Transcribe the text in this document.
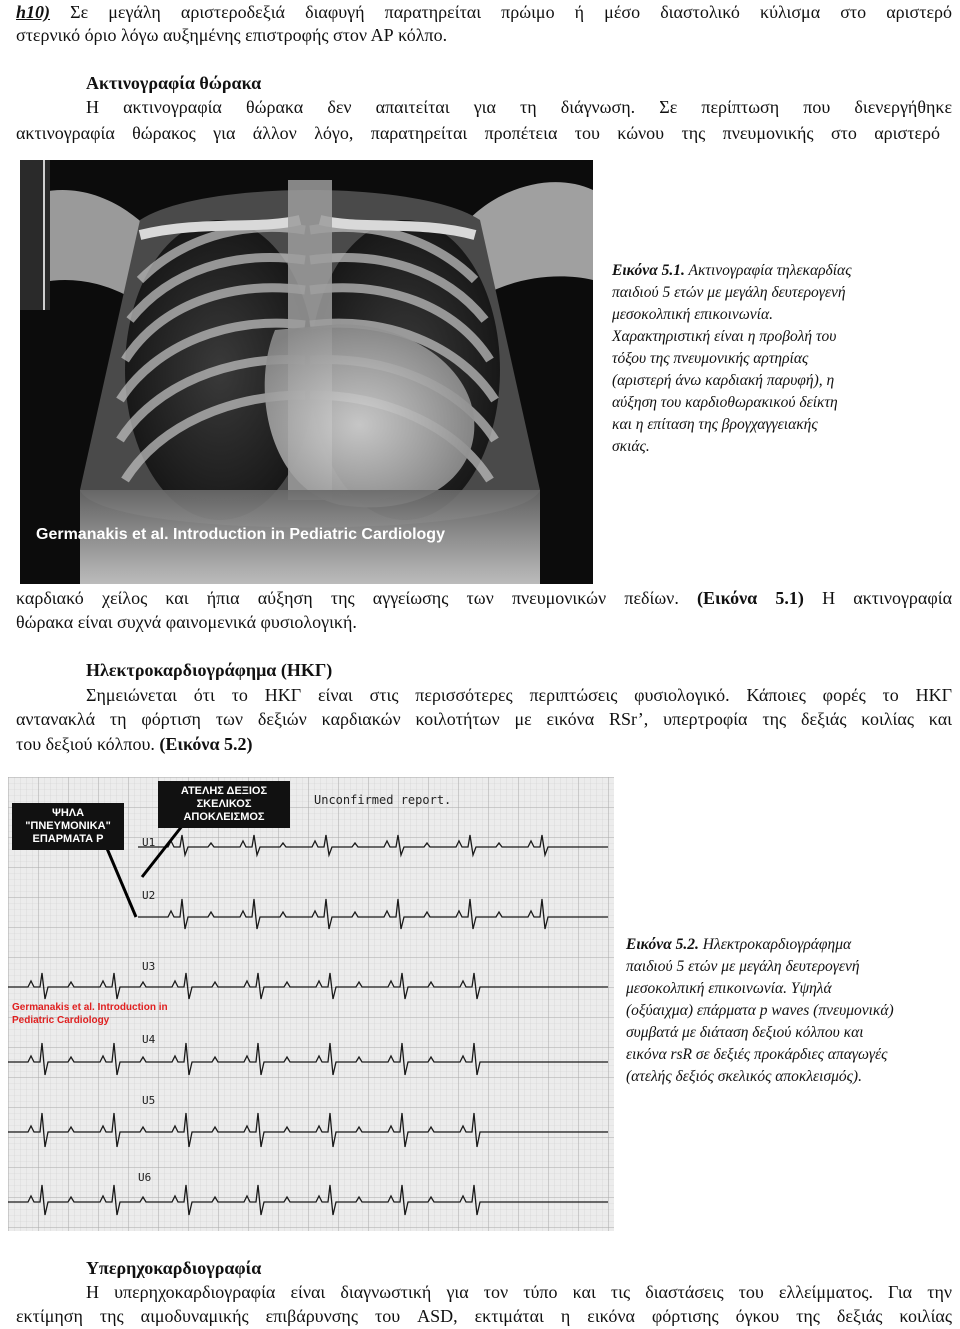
h10) Σε μεγάλη αριστεροδεξιά διαφυγή παρατηρείται πρώιμο ή μέσο διαστολικό κύλισμα στο αριστερό
στερνικό όριο λόγω αυξημένης επιστροφής στον ΑΡ κόλπο.
Ακτινογραφία θώρακα
Η ακτινογραφία θώρακα δεν απαιτείται για τη διάγνωση. Σε περίπτωση που διενεργήθηκε
ακτινογραφία θώρακος για άλλον λόγο, παρατηρείται προπέτεια του κώνου της πνευμονικής στο αριστερό
Germanakis et al. Introduction in Pediatric Cardiology
Εικόνα 5.1. Ακτινογραφία τηλεκαρδίας
παιδιού 5 ετών με μεγάλη δευτερογενή
μεσοκολπική επικοινωνία.
Χαρακτηριστική είναι η προβολή του
τόξου της πνευμονικής αρτηρίας
(αριστερή άνω καρδιακή παρυφή), η
αύξηση του καρδιοθωρακικού δείκτη
και η επίταση της βρογχαγγειακής
σκιάς.
καρδιακό χείλος και ήπια αύξηση της αγγείωσης των πνευμονικών πεδίων. (Εικόνα 5.1) Η ακτινογραφία
θώρακα είναι συχνά φαινομενικά φυσιολογική.
Ηλεκτροκαρδιογράφημα (ΗΚΓ)
Σημειώνεται ότι το ΗΚΓ είναι στις περισσότερες περιπτώσεις φυσιολογικό. Κάποιες φορές το ΗΚΓ
αντανακλά τη φόρτιση των δεξιών καρδιακών κοιλοτήτων με εικόνα RSr’, υπερτροφία της δεξιάς κοιλίας και
του δεξιού κόλπου. (Εικόνα 5.2)
ΨΗΛΑ "ΠΝΕΥΜΟΝΙΚΑ" ΕΠΑΡΜΑΤΑ P
ΑΤΕΛΗΣ ΔΕΞΙΟΣ ΣΚΕΛΙΚΟΣ ΑΠΟΚΛΕΙΣΜΟΣ
Unconfirmed report.
Germanakis et al. Introduction in Pediatric Cardiology
U1
U2
U3
U4
U5
U6
Εικόνα 5.2. Ηλεκτροκαρδιογράφημα
παιδιού 5 ετών με μεγάλη δευτερογενή
μεσοκολπική επικοινωνία. Υψηλά
(οξύαιχμα) επάρματα p waves (πνευμονικά)
συμβατά με διάταση δεξιού κόλπου και
εικόνα rsR σε δεξιές προκάρδιες απαγωγές
(ατελής δεξιός σκελικός αποκλεισμός).
Υπερηχοκαρδιογραφία
Η υπερηχοκαρδιογραφία είναι διαγνωστική για τον τύπο και τις διαστάσεις του ελλείμματος. Για την
εκτίμηση της αιμοδυναμικής επιβάρυνσης του ASD, εκτιμάται η εικόνα φόρτισης όγκου της δεξιάς κοιλίας
